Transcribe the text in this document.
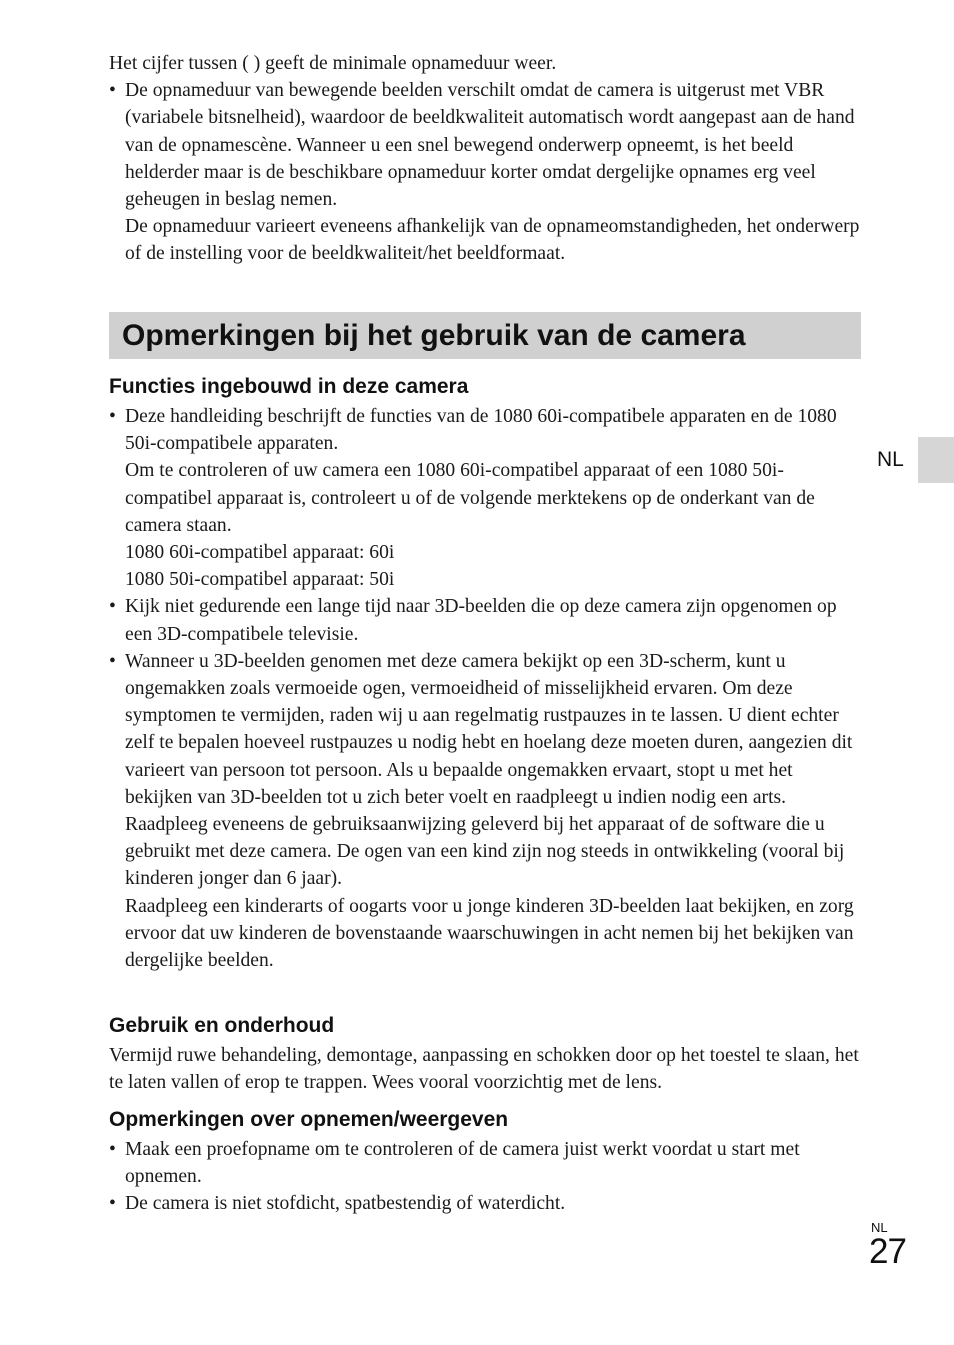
Het cijfer tussen ( ) geeft de minimale opnameduur weer.

• De opnameduur van bewegende beelden verschilt omdat de camera is uitgerust met VBR (variabele bitsnelheid), waardoor de beeldkwaliteit automatisch wordt aangepast aan de hand van de opnamescène. Wanneer u een snel bewegend onderwerp opneemt, is het beeld helderder maar is de beschikbare opnameduur korter omdat dergelijke opnames erg veel geheugen in beslag nemen.

De opnameduur varieert eveneens afhankelijk van de opnameomstandigheden, het onderwerp of de instelling voor de beeldkwaliteit/het beeldformaat.

Opmerkingen bij het gebruik van de camera
Functies ingebouwd in deze camera
• Deze handleiding beschrijft de functies van de 1080 60i-compatibele apparaten en de 1080 50i-compatibele apparaten.

Om te controleren of uw camera een 1080 60i-compatibel apparaat of een 1080 50i-compatibel apparaat is, controleert u of de volgende merktekens op de onderkant van de camera staan.

1080 60i-compatibel apparaat: 60i

1080 50i-compatibel apparaat: 50i

• Kijk niet gedurende een lange tijd naar 3D-beelden die op deze camera zijn opgenomen op een 3D-compatibele televisie.

• Wanneer u 3D-beelden genomen met deze camera bekijkt op een 3D-scherm, kunt u ongemakken zoals vermoeide ogen, vermoeidheid of misselijkheid ervaren. Om deze symptomen te vermijden, raden wij u aan regelmatig rustpauzes in te lassen. U dient echter zelf te bepalen hoeveel rustpauzes u nodig hebt en hoelang deze moeten duren, aangezien dit varieert van persoon tot persoon. Als u bepaalde ongemakken ervaart, stopt u met het bekijken van 3D-beelden tot u zich beter voelt en raadpleegt u indien nodig een arts. Raadpleeg eveneens de gebruiksaanwijzing geleverd bij het apparaat of de software die u gebruikt met deze camera. De ogen van een kind zijn nog steeds in ontwikkeling (vooral bij kinderen jonger dan 6 jaar).

Raadpleeg een kinderarts of oogarts voor u jonge kinderen 3D-beelden laat bekijken, en zorg ervoor dat uw kinderen de bovenstaande waarschuwingen in acht nemen bij het bekijken van dergelijke beelden.

Gebruik en onderhoud

Vermijd ruwe behandeling, demontage, aanpassing en schokken door op het toestel te slaan, het te laten vallen of erop te trappen. Wees vooral voorzichtig met de lens.

Opmerkingen over opnemen/weergeven
• Maak een proefopname om te controleren of de camera juist werkt voordat u start met opnemen.

• De camera is niet stofdicht, spatbestendig of waterdicht.

NL
NL
27
